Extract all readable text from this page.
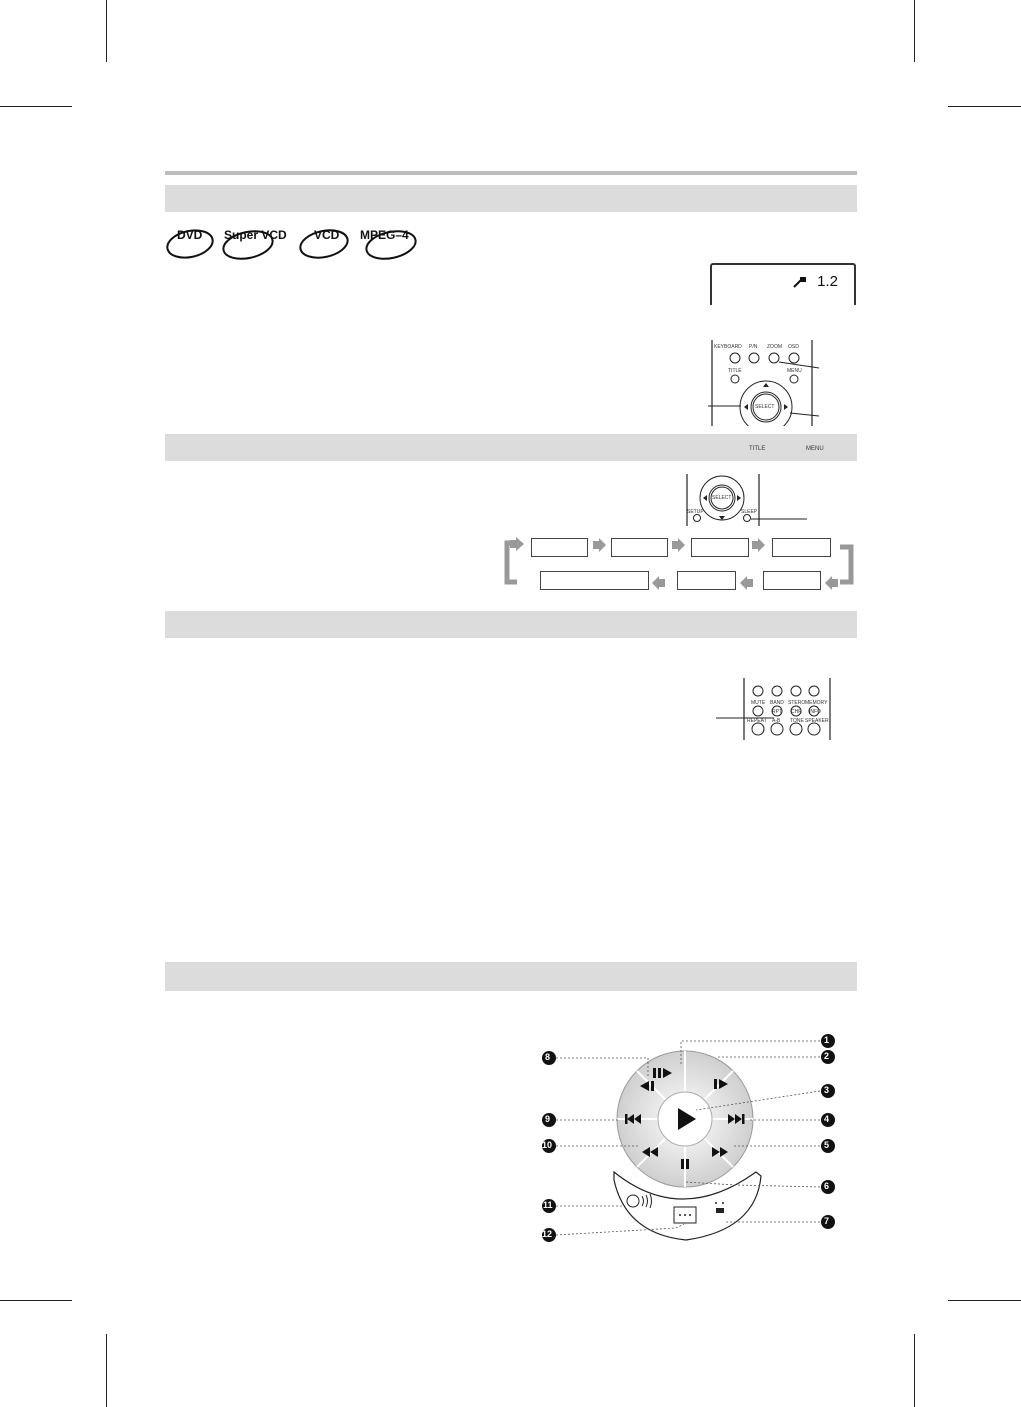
TITLE	MENU
DVD Super VCD VCD MPEG–4
1.2
KEYBOARD P/N ZOOM OSD
TITLE	MENU
SELECT
SELECT
SETUP	SLEEP
MUTE BAND STERO MEMORY
RPT CHR INFO
REPEAT A-B TONE SPEAKER
1
2
3
4
5
6
7
8
9
10
11
12
